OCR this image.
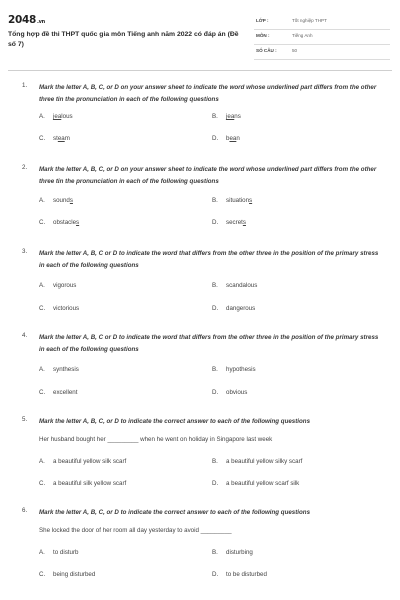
2048.vn
Tổng hợp đề thi THPT quốc gia môn Tiếng anh năm 2022 có đáp án (Đề số 7)
LỚP :	Tốt nghiệp THPT
MÔN :	Tiếng Anh
SỐ CÂU :	50
1. Mark the letter A, B, C, or D on your answer sheet to indicate the word whose underlined part differs from the other three tin the pronunciation in each of the following questions
A. jealous	B. jeans
C. steam	D. bean
2. Mark the letter A, B, C, or D on your answer sheet to indicate the word whose underlined part differs from the other three tin the pronunciation in each of the following questions
A. sounds	B. situations
C. obstacles	D. secrets
3. Mark the letter A, B, C or D to indicate the word that differs from the other three in the position of the primary stress in each of the following questions
A. vigorous	B. scandalous
C. victorious	D. dangerous
4. Mark the letter A, B, C or D to indicate the word that differs from the other three in the position of the primary stress in each of the following questions
A. synthesis	B. hypothesis
C. excellent	D. obvious
5. Mark the letter A, B, C, or D to indicate the correct answer to each of the following questions
Her husband bought her _________ when he went on holiday in Singapore last week
A. a beautiful yellow silk scarf	B. a beautiful yellow silky scarf
C. a beautiful silk yellow scarf	D. a beautiful yellow scarf silk
6. Mark the letter A, B, C, or D to indicate the correct answer to each of the following questions
She locked the door of her room all day yesterday to avoid _________
A. to disturb	B. disturbing
C. being disturbed	D. to be disturbed
